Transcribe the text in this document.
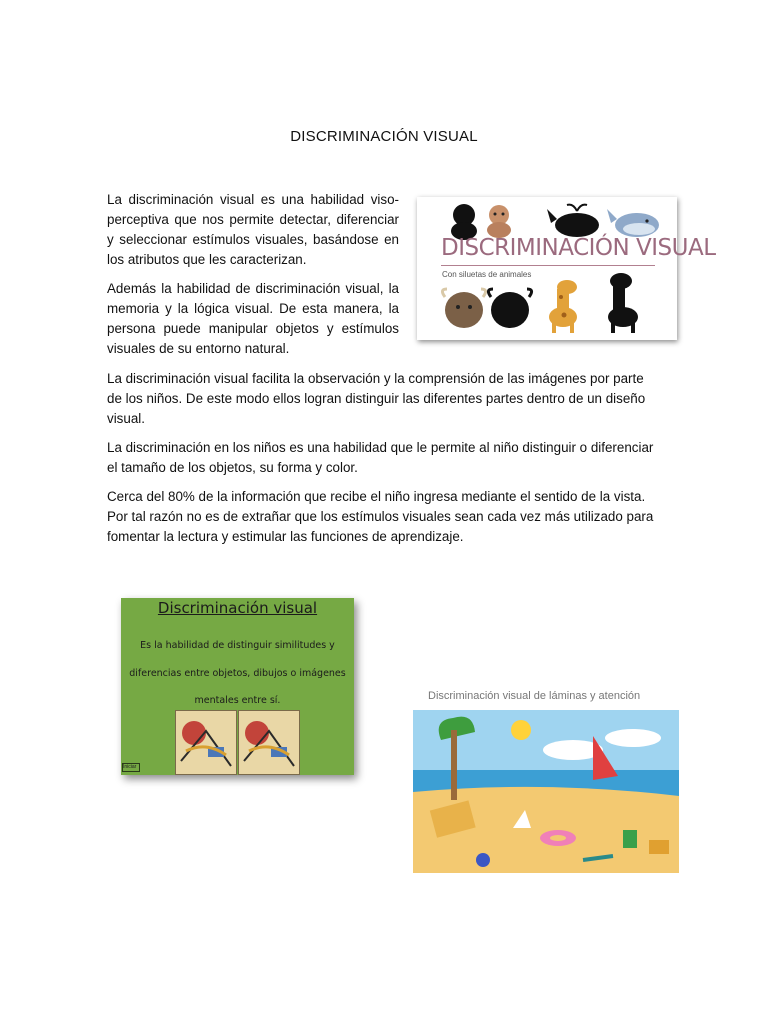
DISCRIMINACIÓN VISUAL

La discriminación visual es una habilidad viso-perceptiva que nos permite detectar, diferenciar y seleccionar estímulos visuales, basándose en los atributos que les caracterizan.

Además la habilidad de discriminación visual, la memoria y la lógica visual. De esta manera, la persona puede manipular objetos y estímulos visuales de su entorno natural.

La discriminación visual facilita la observación y la comprensión de las imágenes por parte de los niños. De este modo ellos logran distinguir las diferentes partes dentro de un diseño visual.

La discriminación en los niños es una habilidad que le permite al niño distinguir o diferenciar el tamaño de los objetos, su forma y color.

Cerca del 80% de la información que recibe el niño ingresa mediante el sentido de la vista. Por tal razón no es de extrañar que los estímulos visuales sean cada vez más utilizado para fomentar la lectura y estimular las funciones de aprendizaje.

DISCRIMINACIÓN VISUAL
Con siluetas de animales
Discriminación visual
Es la habilidad de distinguir similitudes y
diferencias entre objetos, dibujos o imágenes
mentales entre sí.
Iniciar
Discriminación visual de láminas y atención
